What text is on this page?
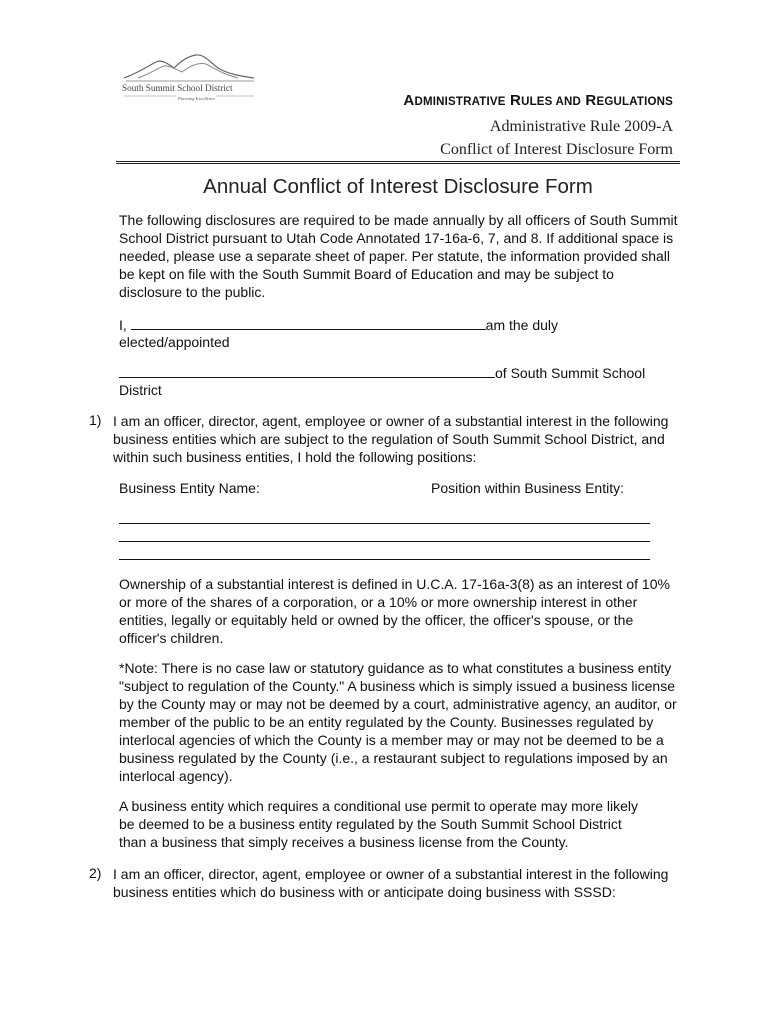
South Summit School District
Pursuing Excellence	ADMINISTRATIVE RULES AND REGULATIONS
Administrative Rule 2009-A
Conflict of Interest Disclosure Form
Annual Conflict of Interest Disclosure Form
The following disclosures are required to be made annually by all officers of South Summit School District pursuant to Utah Code Annotated 17-16a-6, 7, and 8. If additional space is needed, please use a separate sheet of paper. Per statute, the information provided shall be kept on file with the South Summit Board of Education and may be subject to disclosure to the public.
I,	am the duly
elected/appointed
of South Summit School
District
1) I am an officer, director, agent, employee or owner of a substantial interest in the following business entities which are subject to the regulation of South Summit School District, and within such business entities, I hold the following positions:
Business Entity Name:	Position within Business Entity:
Ownership of a substantial interest is defined in U.C.A. 17-16a-3(8) as an interest of 10% or more of the shares of a corporation, or a 10% or more ownership interest in other entities, legally or equitably held or owned by the officer, the officer's spouse, or the officer's children.
*Note: There is no case law or statutory guidance as to what constitutes a business entity "subject to regulation of the County." A business which is simply issued a business license by the County may or may not be deemed by a court, administrative agency, an auditor, or member of the public to be an entity regulated by the County. Businesses regulated by interlocal agencies of which the County is a member may or may not be deemed to be a business regulated by the County (i.e., a restaurant subject to regulations imposed by an interlocal agency).
A business entity which requires a conditional use permit to operate may more likely be deemed to be a business entity regulated by the South Summit School District than a business that simply receives a business license from the County.
2) I am an officer, director, agent, employee or owner of a substantial interest in the following business entities which do business with or anticipate doing business with SSSD:
